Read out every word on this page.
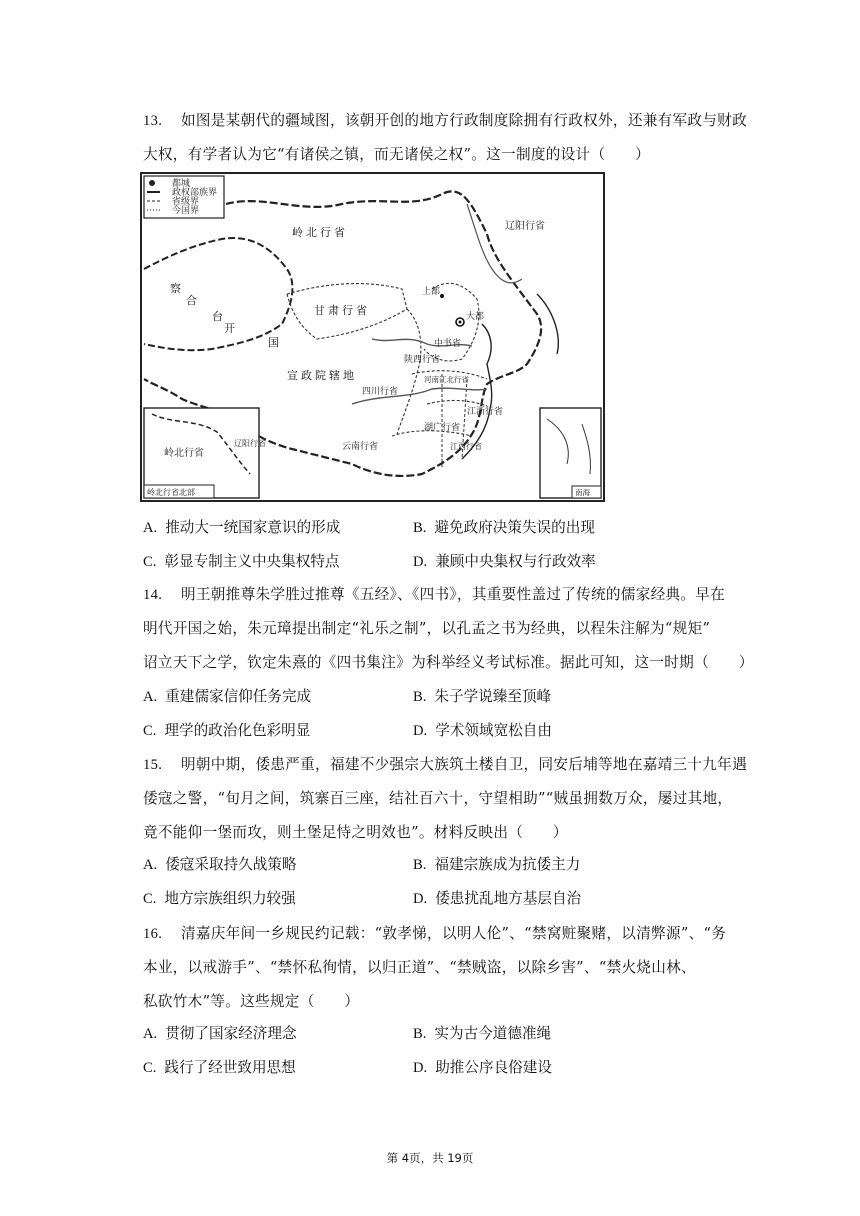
13. 如图是某朝代的疆域图，该朝开创的地方行政制度除拥有行政权外，还兼有军政与财政
大权，有学者认为它“有诸侯之镇，而无诸侯之权”。这一制度的设计（　　）
都城
政权部族界
省级界
今国界
岭北行省
察
合
台
开
国
甘肃行省
宣政院辖地
上都
大都
中书省
陕西行省
河南江北行省
四川行省
江浙行省
湖广行省
江西行省
云南行省
辽阳行省
岭北行省
辽阳行省
岭北行省北部	南海
A. 推动大一统国家意识的形成	B. 避免政府决策失误的出现
C. 彰显专制主义中央集权特点	D. 兼顾中央集权与行政效率
14. 明王朝推尊朱学胜过推尊《五经》、《四书》，其重要性盖过了传统的儒家经典。早在
明代开国之始，朱元璋提出制定“礼乐之制”，以孔孟之书为经典，以程朱注解为“规矩”
诏立天下之学，钦定朱熹的《四书集注》为科举经义考试标准。据此可知，这一时期（　　）
A. 重建儒家信仰任务完成	B. 朱子学说臻至顶峰
C. 理学的政治化色彩明显	D. 学术领域宽松自由
15. 明朝中期，倭患严重，福建不少强宗大族筑土楼自卫，同安后埔等地在嘉靖三十九年遇
倭寇之警，“旬月之间，筑寨百三座，结社百六十，守望相助”“贼虽拥数万众，屡过其地，
竟不能仰一堡而攻，则土堡足恃之明效也”。材料反映出（　　）
A. 倭寇采取持久战策略	B. 福建宗族成为抗倭主力
C. 地方宗族组织力较强	D. 倭患扰乱地方基层自治
16. 清嘉庆年间一乡规民约记载：“敦孝悌，以明人伦”、“禁窝赃聚赌，以清弊源”、“务
本业，以戒游手”、“禁怀私徇情，以归正道”、“禁贼盗，以除乡害”、“禁火烧山林、
私砍竹木”等。这些规定（　　）
A. 贯彻了国家经济理念	B. 实为古今道德准绳
C. 践行了经世致用思想	D. 助推公序良俗建设
第 4页，共 19页
